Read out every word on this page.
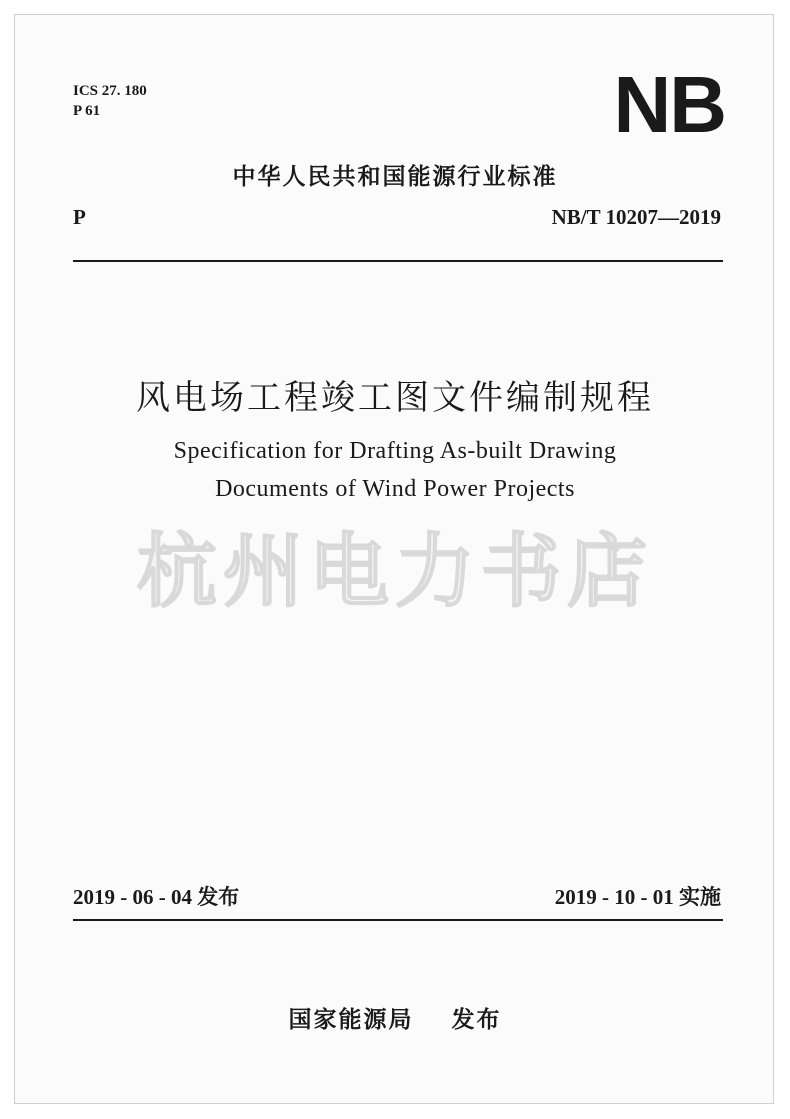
ICS 27. 180
P 61	NB
中华人民共和国能源行业标准
P	NB/T 10207—2019
风电场工程竣工图文件编制规程
Specification for Drafting As-built Drawing
Documents of Wind Power Projects
杭州电力书店
2019 - 06 - 04 发布	2019 - 10 - 01 实施
国家能源局 发布
